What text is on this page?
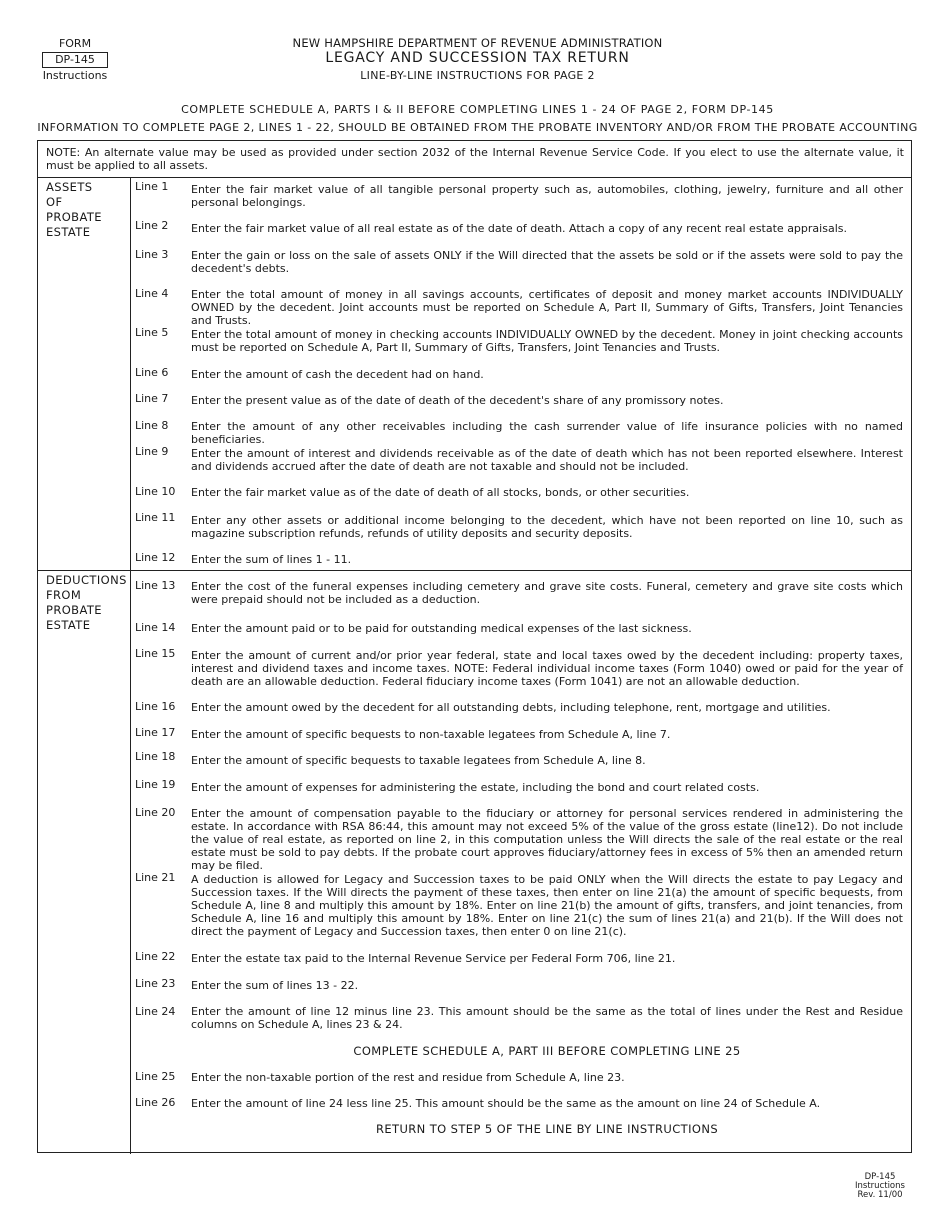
FORM
DP-145
Instructions
NEW HAMPSHIRE DEPARTMENT OF REVENUE ADMINISTRATION
LEGACY AND SUCCESSION TAX RETURN
LINE-BY-LINE INSTRUCTIONS FOR PAGE 2
COMPLETE SCHEDULE A, PARTS I & II BEFORE COMPLETING LINES 1 - 24 OF PAGE 2, FORM DP-145
INFORMATION TO COMPLETE PAGE 2, LINES 1 - 22, SHOULD BE OBTAINED FROM THE PROBATE INVENTORY AND/OR FROM THE PROBATE ACCOUNTING
NOTE: An alternate value may be used as provided under section 2032 of the Internal Revenue Service Code. If you elect to use the alternate value, it must be applied to all assets.
ASSETS
OF
PROBATE
ESTATE
DEDUCTIONS
FROM
PROBATE
ESTATE
Line 1 Enter the fair market value of all tangible personal property such as, automobiles, clothing, jewelry, furniture and all other personal belongings.
Line 2 Enter the fair market value of all real estate as of the date of death. Attach a copy of any recent real estate appraisals.
Line 3 Enter the gain or loss on the sale of assets ONLY if the Will directed that the assets be sold or if the assets were sold to pay the decedent's debts.
Line 4 Enter the total amount of money in all savings accounts, certificates of deposit and money market accounts INDIVIDUALLY OWNED by the decedent. Joint accounts must be reported on Schedule A, Part II, Summary of Gifts, Transfers, Joint Tenancies and Trusts.
Line 5 Enter the total amount of money in checking accounts INDIVIDUALLY OWNED by the decedent. Money in joint checking accounts must be reported on Schedule A, Part II, Summary of Gifts, Transfers, Joint Tenancies and Trusts.
Line 6 Enter the amount of cash the decedent had on hand.
Line 7 Enter the present value as of the date of death of the decedent's share of any promissory notes.
Line 8 Enter the amount of any other receivables including the cash surrender value of life insurance policies with no named beneficiaries.
Line 9 Enter the amount of interest and dividends receivable as of the date of death which has not been reported elsewhere. Interest and dividends accrued after the date of death are not taxable and should not be included.
Line 10 Enter the fair market value as of the date of death of all stocks, bonds, or other securities.
Line 11 Enter any other assets or additional income belonging to the decedent, which have not been reported on line 10, such as magazine subscription refunds, refunds of utility deposits and security deposits.
Line 12 Enter the sum of lines 1 - 11.
Line 13 Enter the cost of the funeral expenses including cemetery and grave site costs. Funeral, cemetery and grave site costs which were prepaid should not be included as a deduction.
Line 14 Enter the amount paid or to be paid for outstanding medical expenses of the last sickness.
Line 15 Enter the amount of current and/or prior year federal, state and local taxes owed by the decedent including: property taxes, interest and dividend taxes and income taxes. NOTE: Federal individual income taxes (Form 1040) owed or paid for the year of death are an allowable deduction. Federal fiduciary income taxes (Form 1041) are not an allowable deduction.
Line 16 Enter the amount owed by the decedent for all outstanding debts, including telephone, rent, mortgage and utilities.
Line 17 Enter the amount of specific bequests to non-taxable legatees from Schedule A, line 7.
Line 18 Enter the amount of specific bequests to taxable legatees from Schedule A, line 8.
Line 19 Enter the amount of expenses for administering the estate, including the bond and court related costs.
Line 20 Enter the amount of compensation payable to the fiduciary or attorney for personal services rendered in administering the estate. In accordance with RSA 86:44, this amount may not exceed 5% of the value of the gross estate (line12). Do not include the value of real estate, as reported on line 2, in this computation unless the Will directs the sale of the real estate or the real estate must be sold to pay debts. If the probate court approves fiduciary/attorney fees in excess of 5% then an amended return may be filed.
Line 21 A deduction is allowed for Legacy and Succession taxes to be paid ONLY when the Will directs the estate to pay Legacy and Succession taxes. If the Will directs the payment of these taxes, then enter on line 21(a) the amount of specific bequests, from Schedule A, line 8 and multiply this amount by 18%. Enter on line 21(b) the amount of gifts, transfers, and joint tenancies, from Schedule A, line 16 and multiply this amount by 18%. Enter on line 21(c) the sum of lines 21(a) and 21(b). If the Will does not direct the payment of Legacy and Succession taxes, then enter 0 on line 21(c).
Line 22 Enter the estate tax paid to the Internal Revenue Service per Federal Form 706, line 21.
Line 23 Enter the sum of lines 13 - 22.
Line 24 Enter the amount of line 12 minus line 23. This amount should be the same as the total of lines under the Rest and Residue columns on Schedule A, lines 23 & 24.
COMPLETE SCHEDULE A, PART III BEFORE COMPLETING LINE 25
Line 25 Enter the non-taxable portion of the rest and residue from Schedule A, line 23.
Line 26 Enter the amount of line 24 less line 25. This amount should be the same as the amount on line 24 of Schedule A.
RETURN TO STEP 5 OF THE LINE BY LINE INSTRUCTIONS
DP-145
Instructions
Rev. 11/00
